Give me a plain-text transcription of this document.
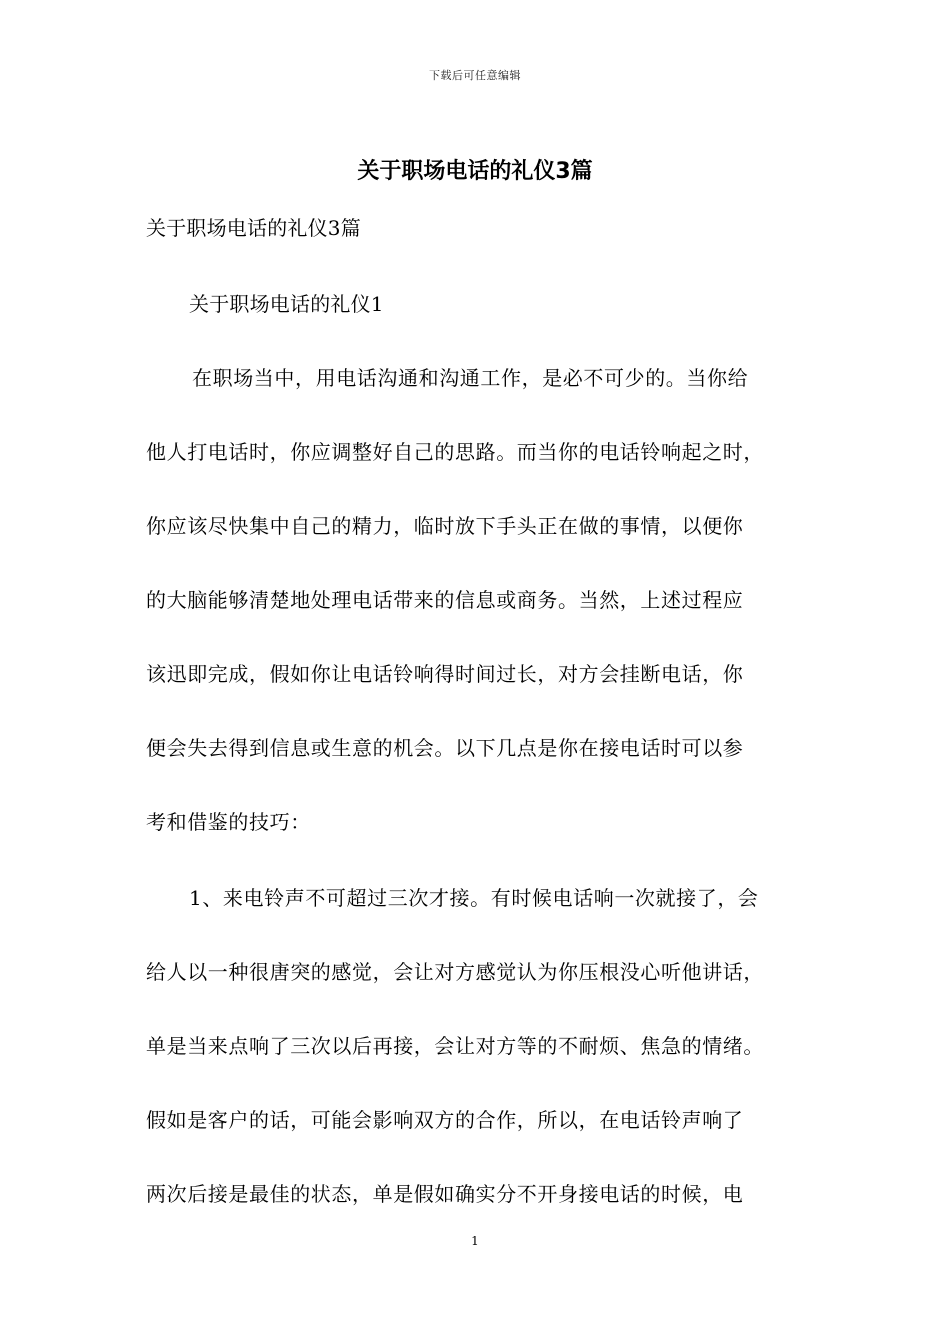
下载后可任意编辑
关于职场电话的礼仪3篇
关于职场电话的礼仪3篇
关于职场电话的礼仪1
在职场当中，用电话沟通和沟通工作，是必不可少的。当你给
他人打电话时，你应调整好自己的思路。而当你的电话铃响起之时，
你应该尽快集中自己的精力，临时放下手头正在做的事情，以便你
的大脑能够清楚地处理电话带来的信息或商务。当然，上述过程应
该迅即完成，假如你让电话铃响得时间过长，对方会挂断电话，你
便会失去得到信息或生意的机会。以下几点是你在接电话时可以参
考和借鉴的技巧：
1、来电铃声不可超过三次才接。有时候电话响一次就接了，会
给人以一种很唐突的感觉，会让对方感觉认为你压根没心听他讲话，
单是当来点响了三次以后再接，会让对方等的不耐烦、焦急的情绪。
假如是客户的话，可能会影响双方的合作，所以，在电话铃声响了
两次后接是最佳的状态，单是假如确实分不开身接电话的时候，电
1
